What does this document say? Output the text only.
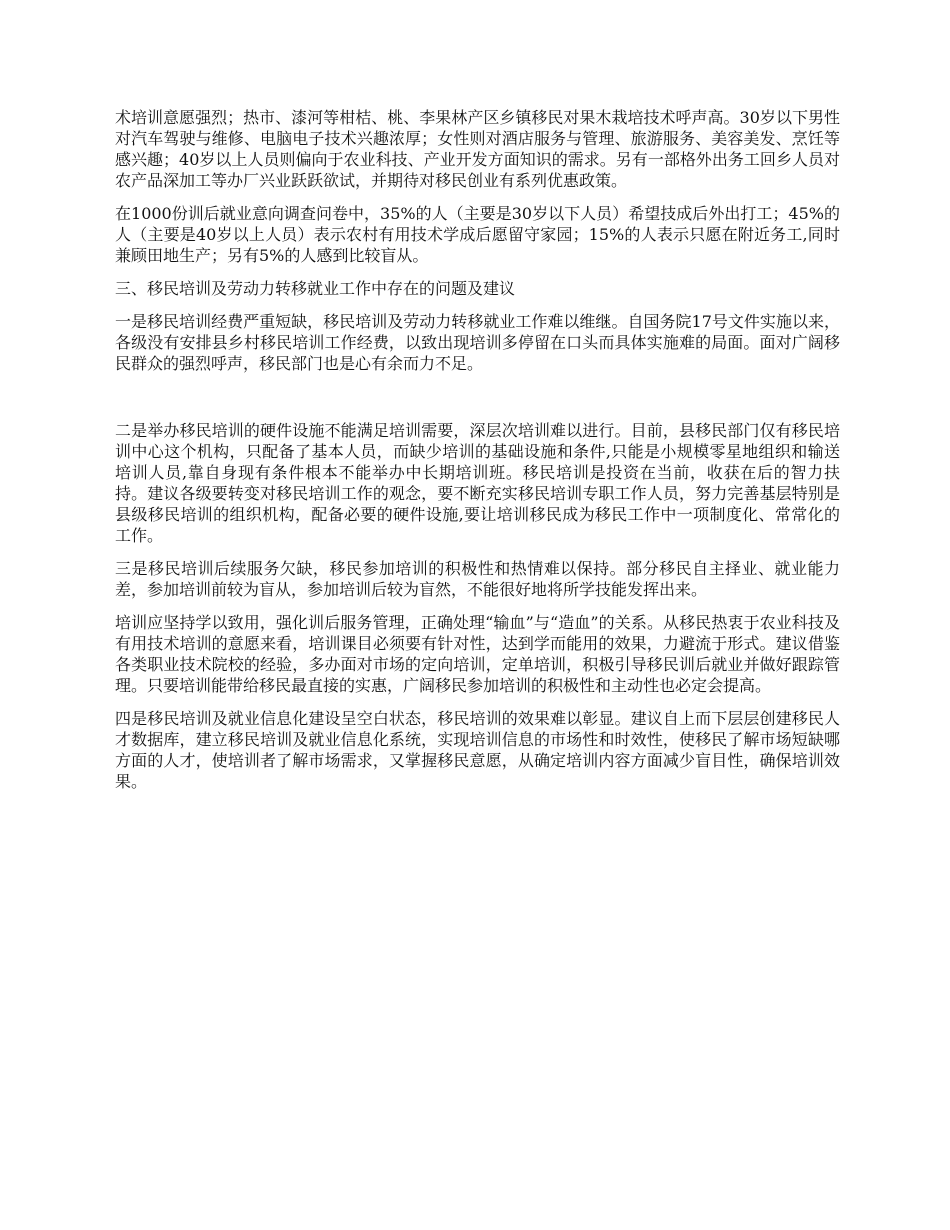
术培训意愿强烈；热市、漆河等柑桔、桃、李果林产区乡镇移民对果木栽培技术呼声高。30岁以下男性对汽车驾驶与维修、电脑电子技术兴趣浓厚；女性则对酒店服务与管理、旅游服务、美容美发、烹饪等感兴趣；40岁以上人员则偏向于农业科技、产业开发方面知识的需求。另有一部格外出务工回乡人员对农产品深加工等办厂兴业跃跃欲试，并期待对移民创业有系列优惠政策。

在1000份训后就业意向调查问卷中，35%的人（主要是30岁以下人员）希望技成后外出打工；45%的人（主要是40岁以上人员）表示农村有用技术学成后愿留守家园；15%的人表示只愿在附近务工,同时兼顾田地生产；另有5%的人感到比较盲从。

三、移民培训及劳动力转移就业工作中存在的问题及建议

一是移民培训经费严重短缺，移民培训及劳动力转移就业工作难以维继。自国务院17号文件实施以来，各级没有安排县乡村移民培训工作经费，以致出现培训多停留在口头而具体实施难的局面。面对广阔移民群众的强烈呼声，移民部门也是心有余而力不足。

二是举办移民培训的硬件设施不能满足培训需要，深层次培训难以进行。目前，县移民部门仅有移民培训中心这个机构，只配备了基本人员，而缺少培训的基础设施和条件,只能是小规模零星地组织和输送培训人员,靠自身现有条件根本不能举办中长期培训班。移民培训是投资在当前，收获在后的智力扶持。建议各级要转变对移民培训工作的观念，要不断充实移民培训专职工作人员，努力完善基层特别是县级移民培训的组织机构，配备必要的硬件设施,要让培训移民成为移民工作中一项制度化、常常化的工作。

三是移民培训后续服务欠缺，移民参加培训的积极性和热情难以保持。部分移民自主择业、就业能力差，参加培训前较为盲从，参加培训后较为盲然，不能很好地将所学技能发挥出来。

培训应坚持学以致用，强化训后服务管理，正确处理“输血”与“造血”的关系。从移民热衷于农业科技及有用技术培训的意愿来看，培训课目必须要有针对性，达到学而能用的效果，力避流于形式。建议借鉴各类职业技术院校的经验，多办面对市场的定向培训，定单培训，积极引导移民训后就业并做好跟踪管理。只要培训能带给移民最直接的实惠，广阔移民参加培训的积极性和主动性也必定会提高。

四是移民培训及就业信息化建设呈空白状态，移民培训的效果难以彰显。建议自上而下层层创建移民人才数据库，建立移民培训及就业信息化系统，实现培训信息的市场性和时效性，使移民了解市场短缺哪方面的人才，使培训者了解市场需求，又掌握移民意愿，从确定培训内容方面减少盲目性，确保培训效果。
